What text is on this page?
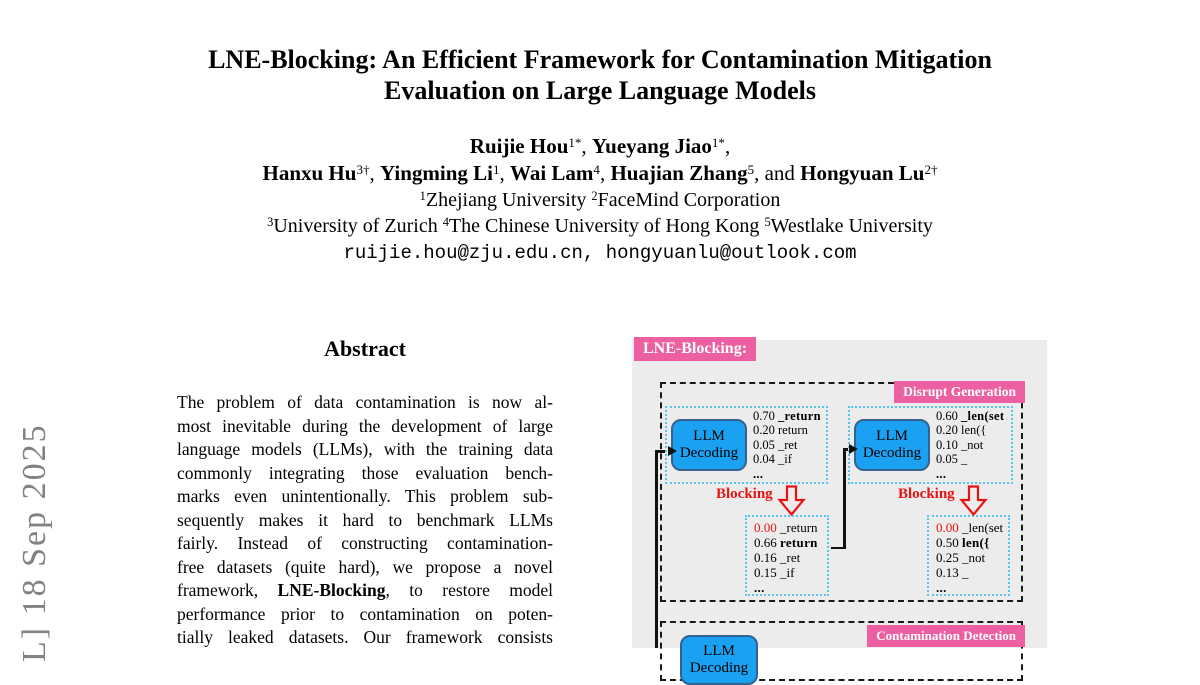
L] 18 Sep 2025
LNE-Blocking: An Efficient Framework for Contamination Mitigation
Evaluation on Large Language Models
Ruijie Hou$^{1*}$, Yueyang Jiao$^{1*}$,
Hanxu $Hu^{3\dagger}$, Yingming Li$^1$, Wai Lam$^4$, Huajian Zhang$^5$, and Hongyuan $Lu^{2\dagger}$
$^1$Zhejiang University $^2$FaceMind Corporation
$^3$University of Zurich $^4$The Chinese University of Hong Kong $^5$Westlake University
ruijie.hou@zju.edu.cn, hongyuanlu@outlook.com
Abstract
The problem of data contamination is now al-
most inevitable during the development of large
language models (LLMs), with the training data
commonly integrating those evaluation bench-
marks even unintentionally. This problem sub-
sequently makes it hard to benchmark LLMs
fairly. Instead of constructing contamination-
free datasets (quite hard), we propose a novel
framework, LNE-Blocking, to restore model
performance prior to contamination on poten-
tially leaked datasets. Our framework consists
LNE-Blocking:
Disrupt Generation
LLM Decoding
0.70 _return
0.20 return
0.05 _ret
0.04 _if
...
LLM Decoding
0.60 _len(set
0.20 len({
0.10 _not
0.05 _
...
Blocking	Blocking
0.00 _return
0.66 return
0.16 _ret
0.15 _if
...
0.00 _len(set
0.50 len({
0.25 _not
0.13 _
...
Contamination Detection
LLM Decoding
